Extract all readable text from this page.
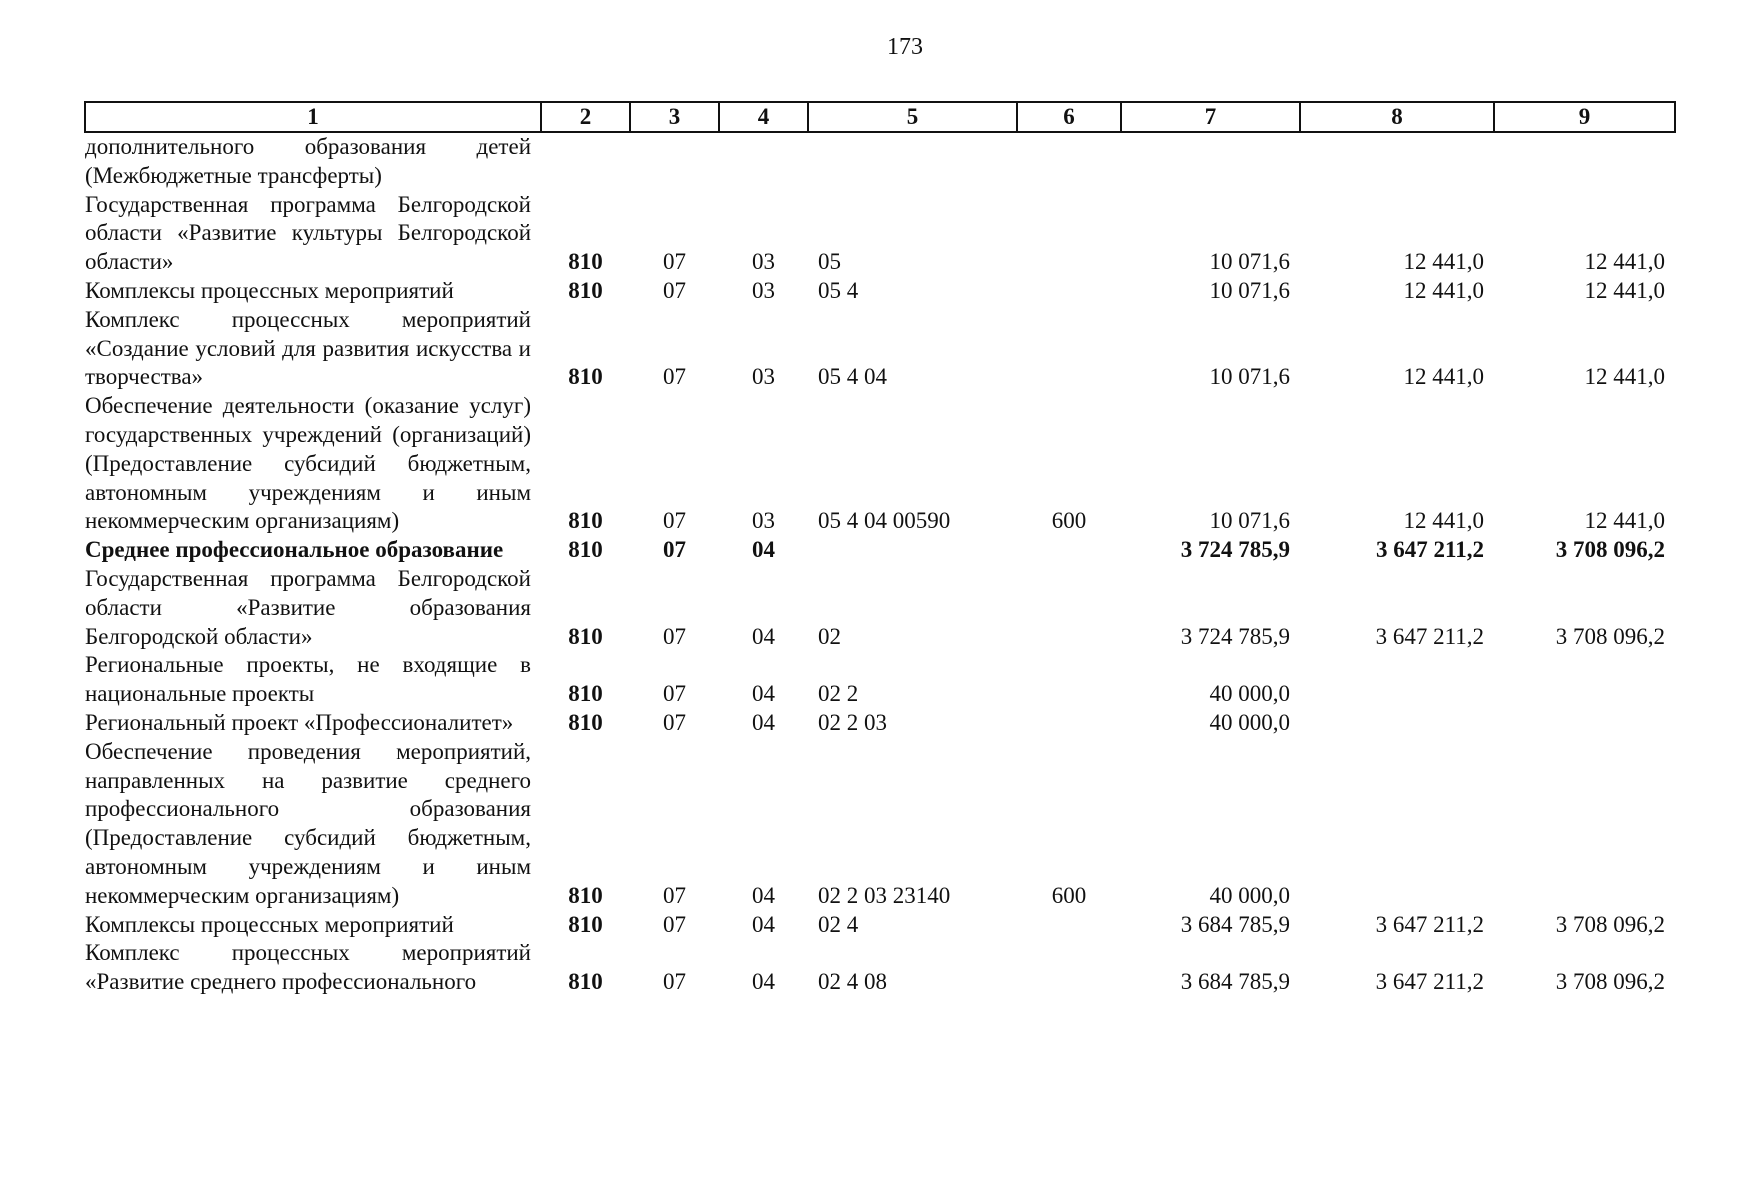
173
1	2	3	4	5	6	7	8	9
дополнительного образования детей (Межбюджетные трансферты)								
Государственная программа Белгородской области «Развитие культуры Белгородской области»	810	07	03	05		10 071,6	12 441,0	12 441,0
Комплексы процессных мероприятий	810	07	03	05 4		10 071,6	12 441,0	12 441,0
Комплекс процессных мероприятий «Создание условий для развития искусства и творчества»	810	07	03	05 4 04		10 071,6	12 441,0	12 441,0
Обеспечение деятельности (оказание услуг) государственных учреждений (организаций) (Предоставление субсидий бюджетным, автономным учреждениям и иным некоммерческим организациям)	810	07	03	05 4 04 00590	600	10 071,6	12 441,0	12 441,0
Среднее профессиональное образование	810	07	04			3 724 785,9	3 647 211,2	3 708 096,2
Государственная программа Белгородской области «Развитие образования Белгородской области»	810	07	04	02		3 724 785,9	3 647 211,2	3 708 096,2
Региональные проекты, не входящие в национальные проекты	810	07	04	02 2		40 000,0		
Региональный проект «Профессионалитет»	810	07	04	02 2 03		40 000,0		
Обеспечение проведения мероприятий, направленных на развитие среднего профессионального образования (Предоставление субсидий бюджетным, автономным учреждениям и иным некоммерческим организациям)	810	07	04	02 2 03 23140	600	40 000,0		
Комплексы процессных мероприятий	810	07	04	02 4		3 684 785,9	3 647 211,2	3 708 096,2
Комплекс процессных мероприятий «Развитие среднего профессионального	810	07	04	02 4 08		3 684 785,9	3 647 211,2	3 708 096,2
